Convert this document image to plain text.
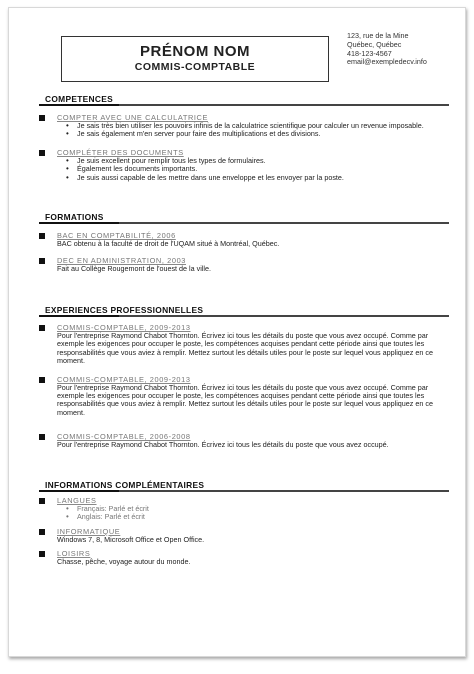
PRÉNOM NOM
COMMIS-COMPTABLE
123, rue de la Mine
Québec, Québec
418-123-4567
email@exempledecv.info
COMPETENCES
COMPTER AVEC UNE CALCULATRICE
• Je sais très bien utiliser les pouvoirs infinis de la calculatrice scientifique pour calculer un revenue imposable.
• Je sais également m'en server pour faire des multiplications et des divisions.
COMPLÉTER DES DOCUMENTS
• Je suis excellent pour remplir tous les types de formulaires.
• Également les documents importants.
• Je suis aussi capable de les mettre dans une enveloppe et les envoyer par la poste.
FORMATIONS
BAC EN COMPTABILITÉ, 2006
BAC obtenu à la faculté de droit de l'UQAM situé à Montréal, Québec.
DEC EN ADMINISTRATION, 2003
Fait au Collège Rougemont de l'ouest de la ville.
EXPERIENCES PROFESSIONNELLES
COMMIS-COMPTABLE, 2009-2013
Pour l'entreprise Raymond Chabot Thornton. Écrivez ici tous les détails du poste que vous avez occupé. Comme par exemple les exigences pour occuper le poste, les compétences acquises pendant cette période ainsi que toutes les responsabilités que vous aviez à remplir. Mettez surtout les détails utiles pour le poste sur lequel vous appliquez en ce moment.
COMMIS-COMPTABLE, 2009-2013
Pour l'entreprise Raymond Chabot Thornton. Écrivez ici tous les détails du poste que vous avez occupé. Comme par exemple les exigences pour occuper le poste, les compétences acquises pendant cette période ainsi que toutes les responsabilités que vous aviez à remplir. Mettez surtout les détails utiles pour le poste sur lequel vous appliquez en ce moment.
COMMIS-COMPTABLE, 2006-2008
Pour l'entreprise Raymond Chabot Thornton. Écrivez ici tous les détails du poste que vous avez occupé.
INFORMATIONS COMPLÉMENTAIRES
LANGUES
• Français: Parlé et écrit
• Anglais: Parlé et écrit
INFORMATIQUE
Windows 7, 8, Microsoft Office et Open Office.
LOISIRS
Chasse, pêche, voyage autour du monde.
